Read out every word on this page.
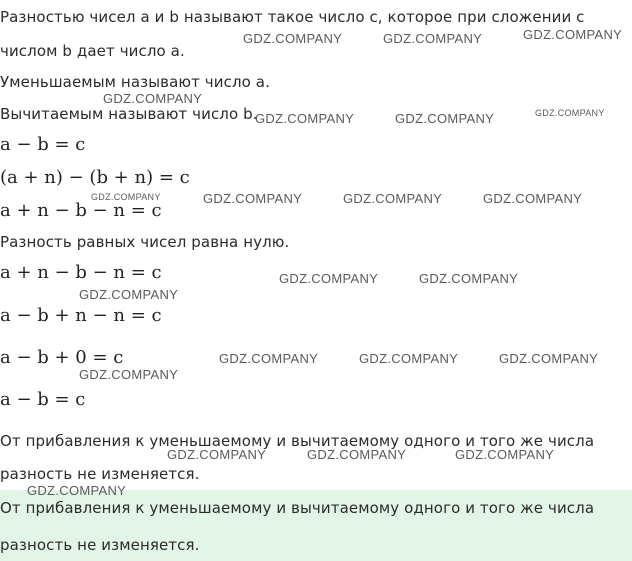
Разностью чисел a и b называют такое число c, которое при сложении с
числом b дает число a.
Уменьшаемым называют число a.
Вычитаемым называют число b.
a − b = c
(a + n) − (b + n) = c
a + n − b − n = c
Разность равных чисел равна нулю.
a + n − b − n = c
a − b + n − n = c
a − b + 0 = c
a − b = c
От прибавления к уменьшаемому и вычитаемому одного и того же числа
разность не изменяется.
От прибавления к уменьшаемому и вычитаемому одного и того же числа
разность не изменяется.
GDZ.COMPANY	GDZ.COMPANY	GDZ.COMPANY
GDZ.COMPANY
GDZ.COMPANY	GDZ.COMPANY	GDZ.COMPANY
GDZ.COMPANY	GDZ.COMPANY	GDZ.COMPANY	GDZ.COMPANY
GDZ.COMPANY	GDZ.COMPANY
GDZ.COMPANY
GDZ.COMPANY	GDZ.COMPANY	GDZ.COMPANY
GDZ.COMPANY
GDZ.COMPANY	GDZ.COMPANY	GDZ.COMPANY
GDZ.COMPANY
